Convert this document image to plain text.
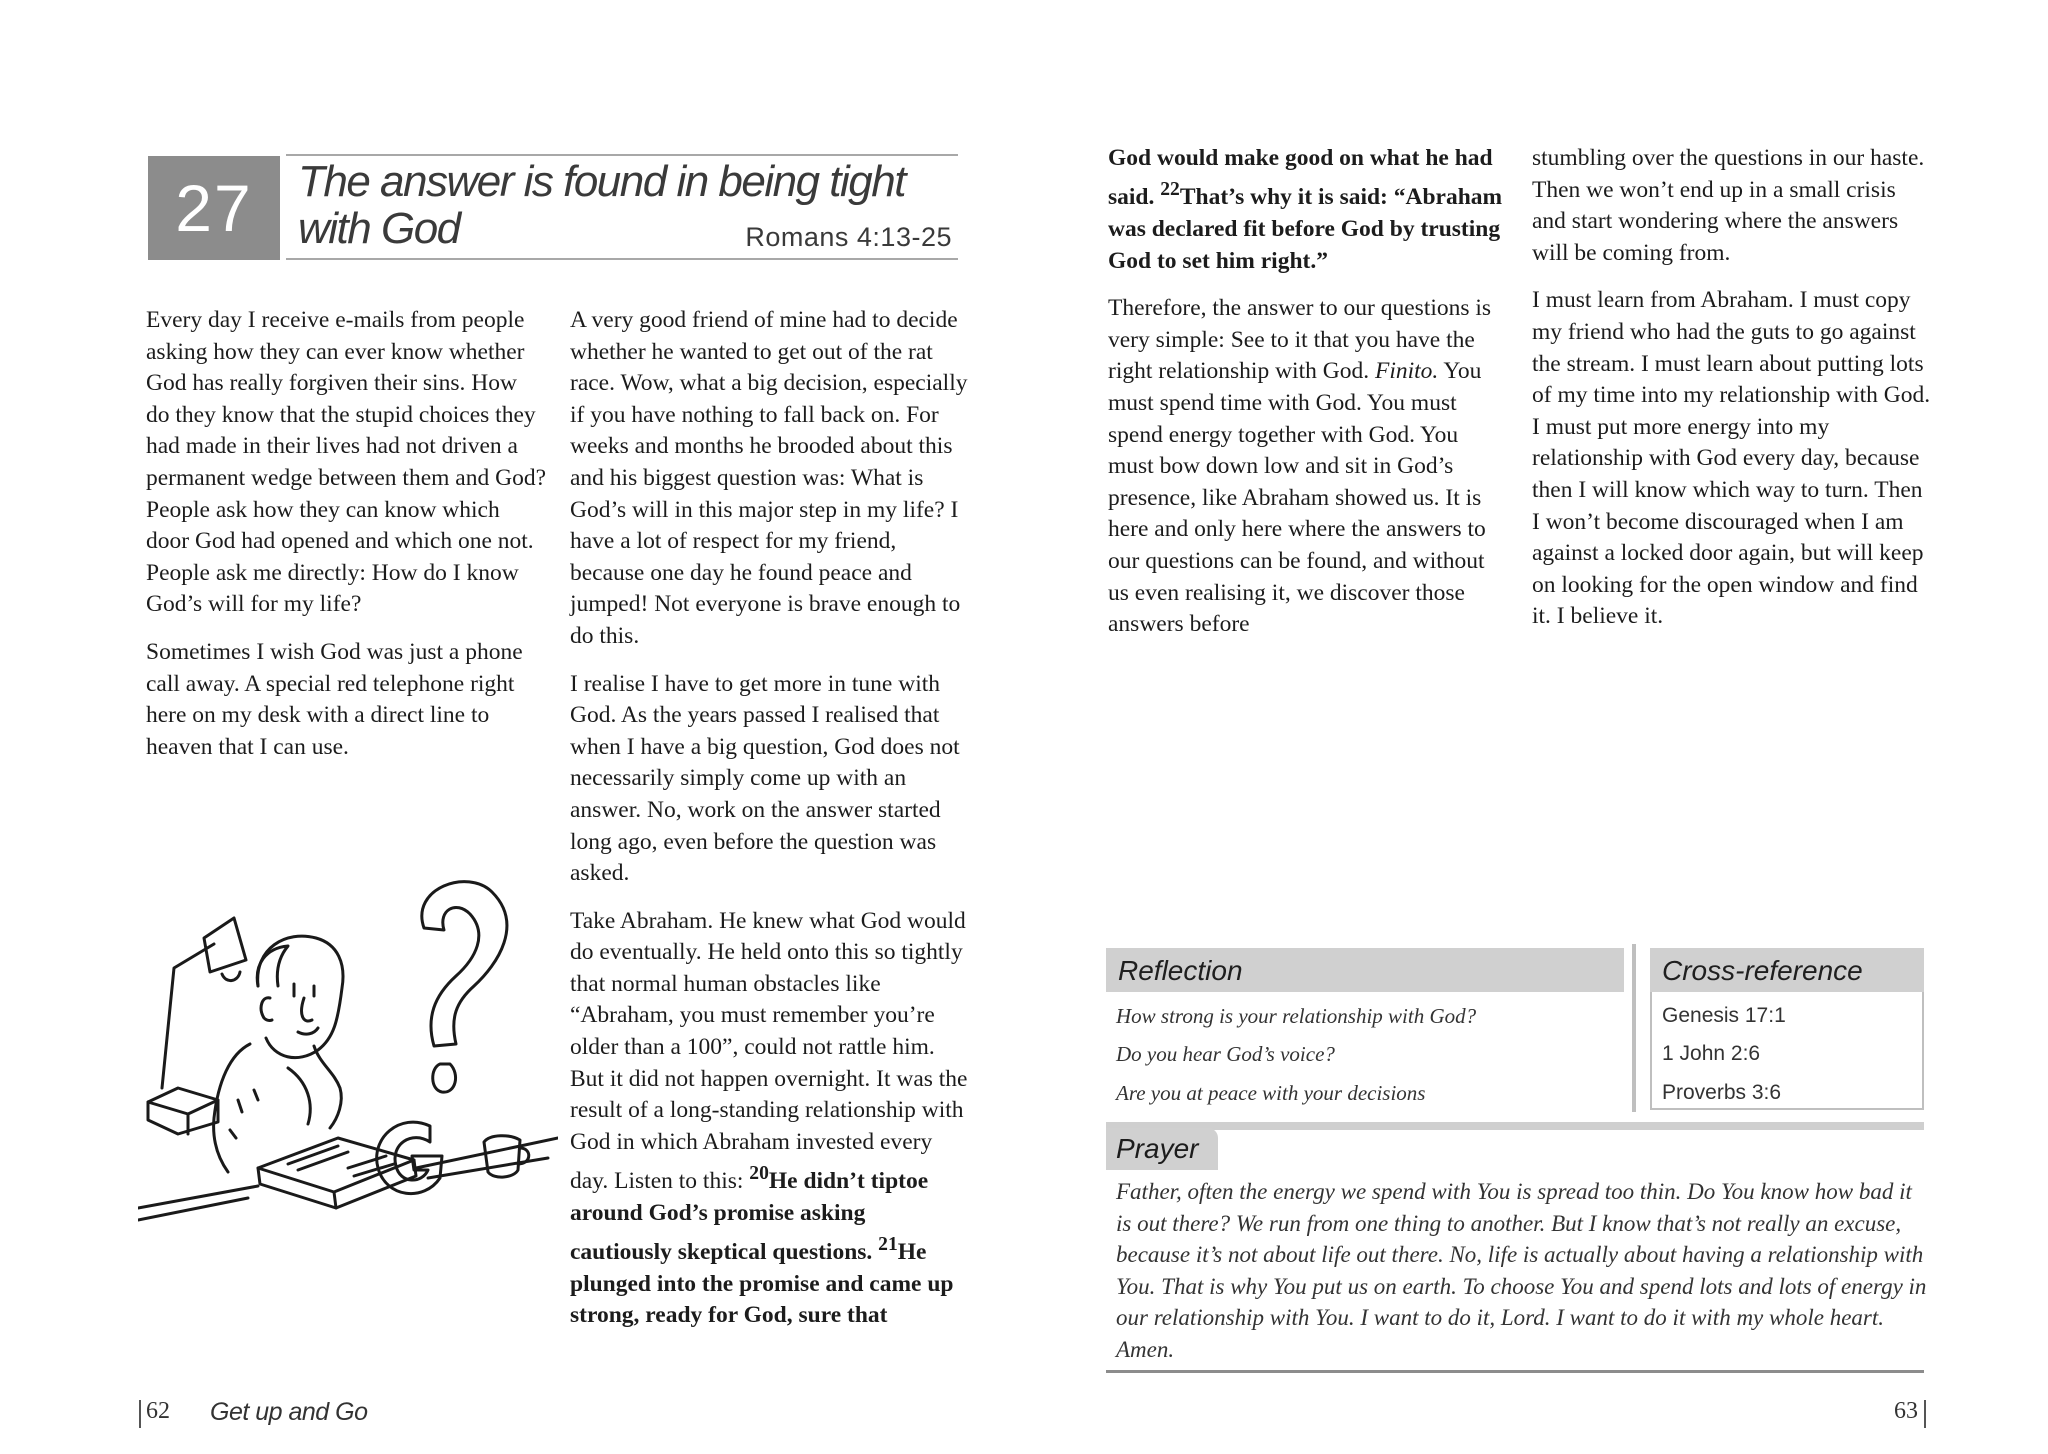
27 The answer is found in being tight
with God	Romans 4:13-25

Every day I receive e-mails from people asking how they can ever know whether God has really forgiven their sins. How do they know that the stupid choices they had made in their lives had not driven a permanent wedge between them and God? People ask how they can know which door God had opened and which one not. People ask me directly: How do I know God’s will for my life?

Sometimes I wish God was just a phone call away. A special red telephone right here on my desk with a direct line to heaven that I can use.

G

A very good friend of mine had to decide whether he wanted to get out of the rat race. Wow, what a big decision, especially if you have nothing to fall back on. For weeks and months he brooded about this and his biggest question was: What is God’s will in this major step in my life? I have a lot of respect for my friend, because one day he found peace and jumped! Not everyone is brave enough to do this.

I realise I have to get more in tune with God. As the years passed I realised that when I have a big question, God does not necessarily simply come up with an answer. No, work on the answer started long ago, even before the question was asked.

Take Abraham. He knew what God would do eventually. He held onto this so tightly that normal human obstacles like “Abraham, you must remember you’re older than a 100”, could not rattle him. But it did not happen overnight. It was the result of a long-standing relationship with God in which Abraham invested every day. Listen to this: $^{20}$He didn’t tiptoe around God’s promise asking cautiously skeptical questions. $^{21}$He plunged into the promise and came up strong, ready for God, sure that

God would make good on what he had said. $^{22}$That’s why it is said: “Abraham was declared fit before God by trusting God to set him right.”

Therefore, the answer to our questions is very simple: See to it that you have the right relationship with God. Finito. You must spend time with God. You must spend energy together with God. You must bow down low and sit in God’s presence, like Abraham showed us. It is here and only here where the answers to our questions can be found, and without us even realising it, we discover those answers before

stumbling over the questions in our haste. Then we won’t end up in a small crisis and start wondering where the answers will be coming from.

I must learn from Abraham. I must copy my friend who had the guts to go against the stream. I must learn about putting lots of my time into my relationship with God. I must put more energy into my relationship with God every day, because then I will know which way to turn. Then I won’t become discouraged when I am against a locked door again, but will keep on looking for the open window and find it. I believe it.

Reflection
How strong is your relationship with God?
Do you hear God’s voice?
Are you at peace with your decisions
Cross-reference
Genesis 17:1
1 John 2:6
Proverbs 3:6
Prayer
Father, often the energy we spend with You is spread too thin. Do You know how bad it is out there? We run from one thing to another. But I know that’s not really an excuse, because it’s not about life out there. No, life is actually about having a relationship with You. That is why You put us on earth. To choose You and spend lots and lots of energy in our relationship with You. I want to do it, Lord. I want to do it with my whole heart. Amen.
62 Get up and Go	63
